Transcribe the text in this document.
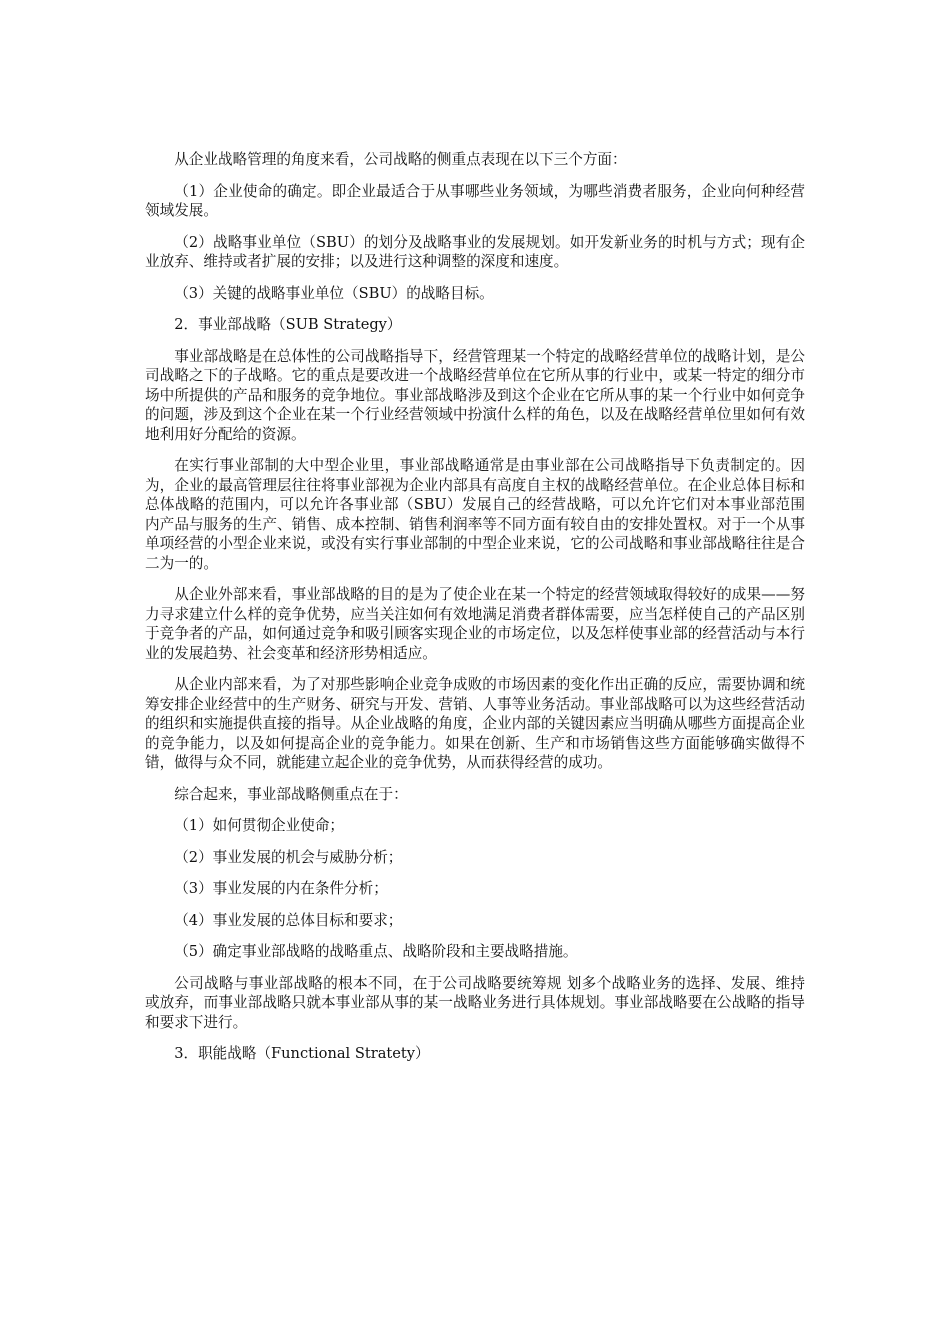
从企业战略管理的角度来看，公司战略的侧重点表现在以下三个方面：

（1）企业使命的确定。即企业最适合于从事哪些业务领域，为哪些消费者服务，企业向何种经营领域发展。

（2）战略事业单位（SBU）的划分及战略事业的发展规划。如开发新业务的时机与方式；现有企业放弃、维持或者扩展的安排；以及进行这种调整的深度和速度。

（3）关键的战略事业单位（SBU）的战略目标。

2．事业部战略（SUB Strategy）

事业部战略是在总体性的公司战略指导下，经营管理某一个特定的战略经营单位的战略计划，是公司战略之下的子战略。它的重点是要改进一个战略经营单位在它所从事的行业中，或某一特定的细分市场中所提供的产品和服务的竞争地位。事业部战略涉及到这个企业在它所从事的某一个行业中如何竞争的问题，涉及到这个企业在某一个行业经营领域中扮演什么样的角色，以及在战略经营单位里如何有效地利用好分配给的资源。

在实行事业部制的大中型企业里，事业部战略通常是由事业部在公司战略指导下负责制定的。因为，企业的最高管理层往往将事业部视为企业内部具有高度自主权的战略经营单位。在企业总体目标和总体战略的范围内，可以允许各事业部（SBU）发展自己的经营战略，可以允许它们对本事业部范围内产品与服务的生产、销售、成本控制、销售利润率等不同方面有较自由的安排处置权。对于一个从事单项经营的小型企业来说，或没有实行事业部制的中型企业来说，它的公司战略和事业部战略往往是合二为一的。

从企业外部来看，事业部战略的目的是为了使企业在某一个特定的经营领域取得较好的成果——努力寻求建立什么样的竞争优势，应当关注如何有效地满足消费者群体需要，应当怎样使自己的产品区别于竞争者的产品，如何通过竞争和吸引顾客实现企业的市场定位，以及怎样使事业部的经营活动与本行业的发展趋势、社会变革和经济形势相适应。

从企业内部来看，为了对那些影响企业竞争成败的市场因素的变化作出正确的反应，需要协调和统筹安排企业经营中的生产财务、研究与开发、营销、人事等业务活动。事业部战略可以为这些经营活动的组织和实施提供直接的指导。从企业战略的角度，企业内部的关键因素应当明确从哪些方面提高企业的竞争能力，以及如何提高企业的竞争能力。如果在创新、生产和市场销售这些方面能够确实做得不错，做得与众不同，就能建立起企业的竞争优势，从而获得经营的成功。

综合起来，事业部战略侧重点在于：

（1）如何贯彻企业使命；

（2）事业发展的机会与威胁分析；

（3）事业发展的内在条件分析；

（4）事业发展的总体目标和要求；

（5）确定事业部战略的战略重点、战略阶段和主要战略措施。

公司战略与事业部战略的根本不同，在于公司战略要统筹规 划多个战略业务的选择、发展、维持或放弃，而事业部战略只就本事业部从事的某一战略业务进行具体规划。事业部战略要在公战略的指导和要求下进行。

3．职能战略（Functional Stratety）
